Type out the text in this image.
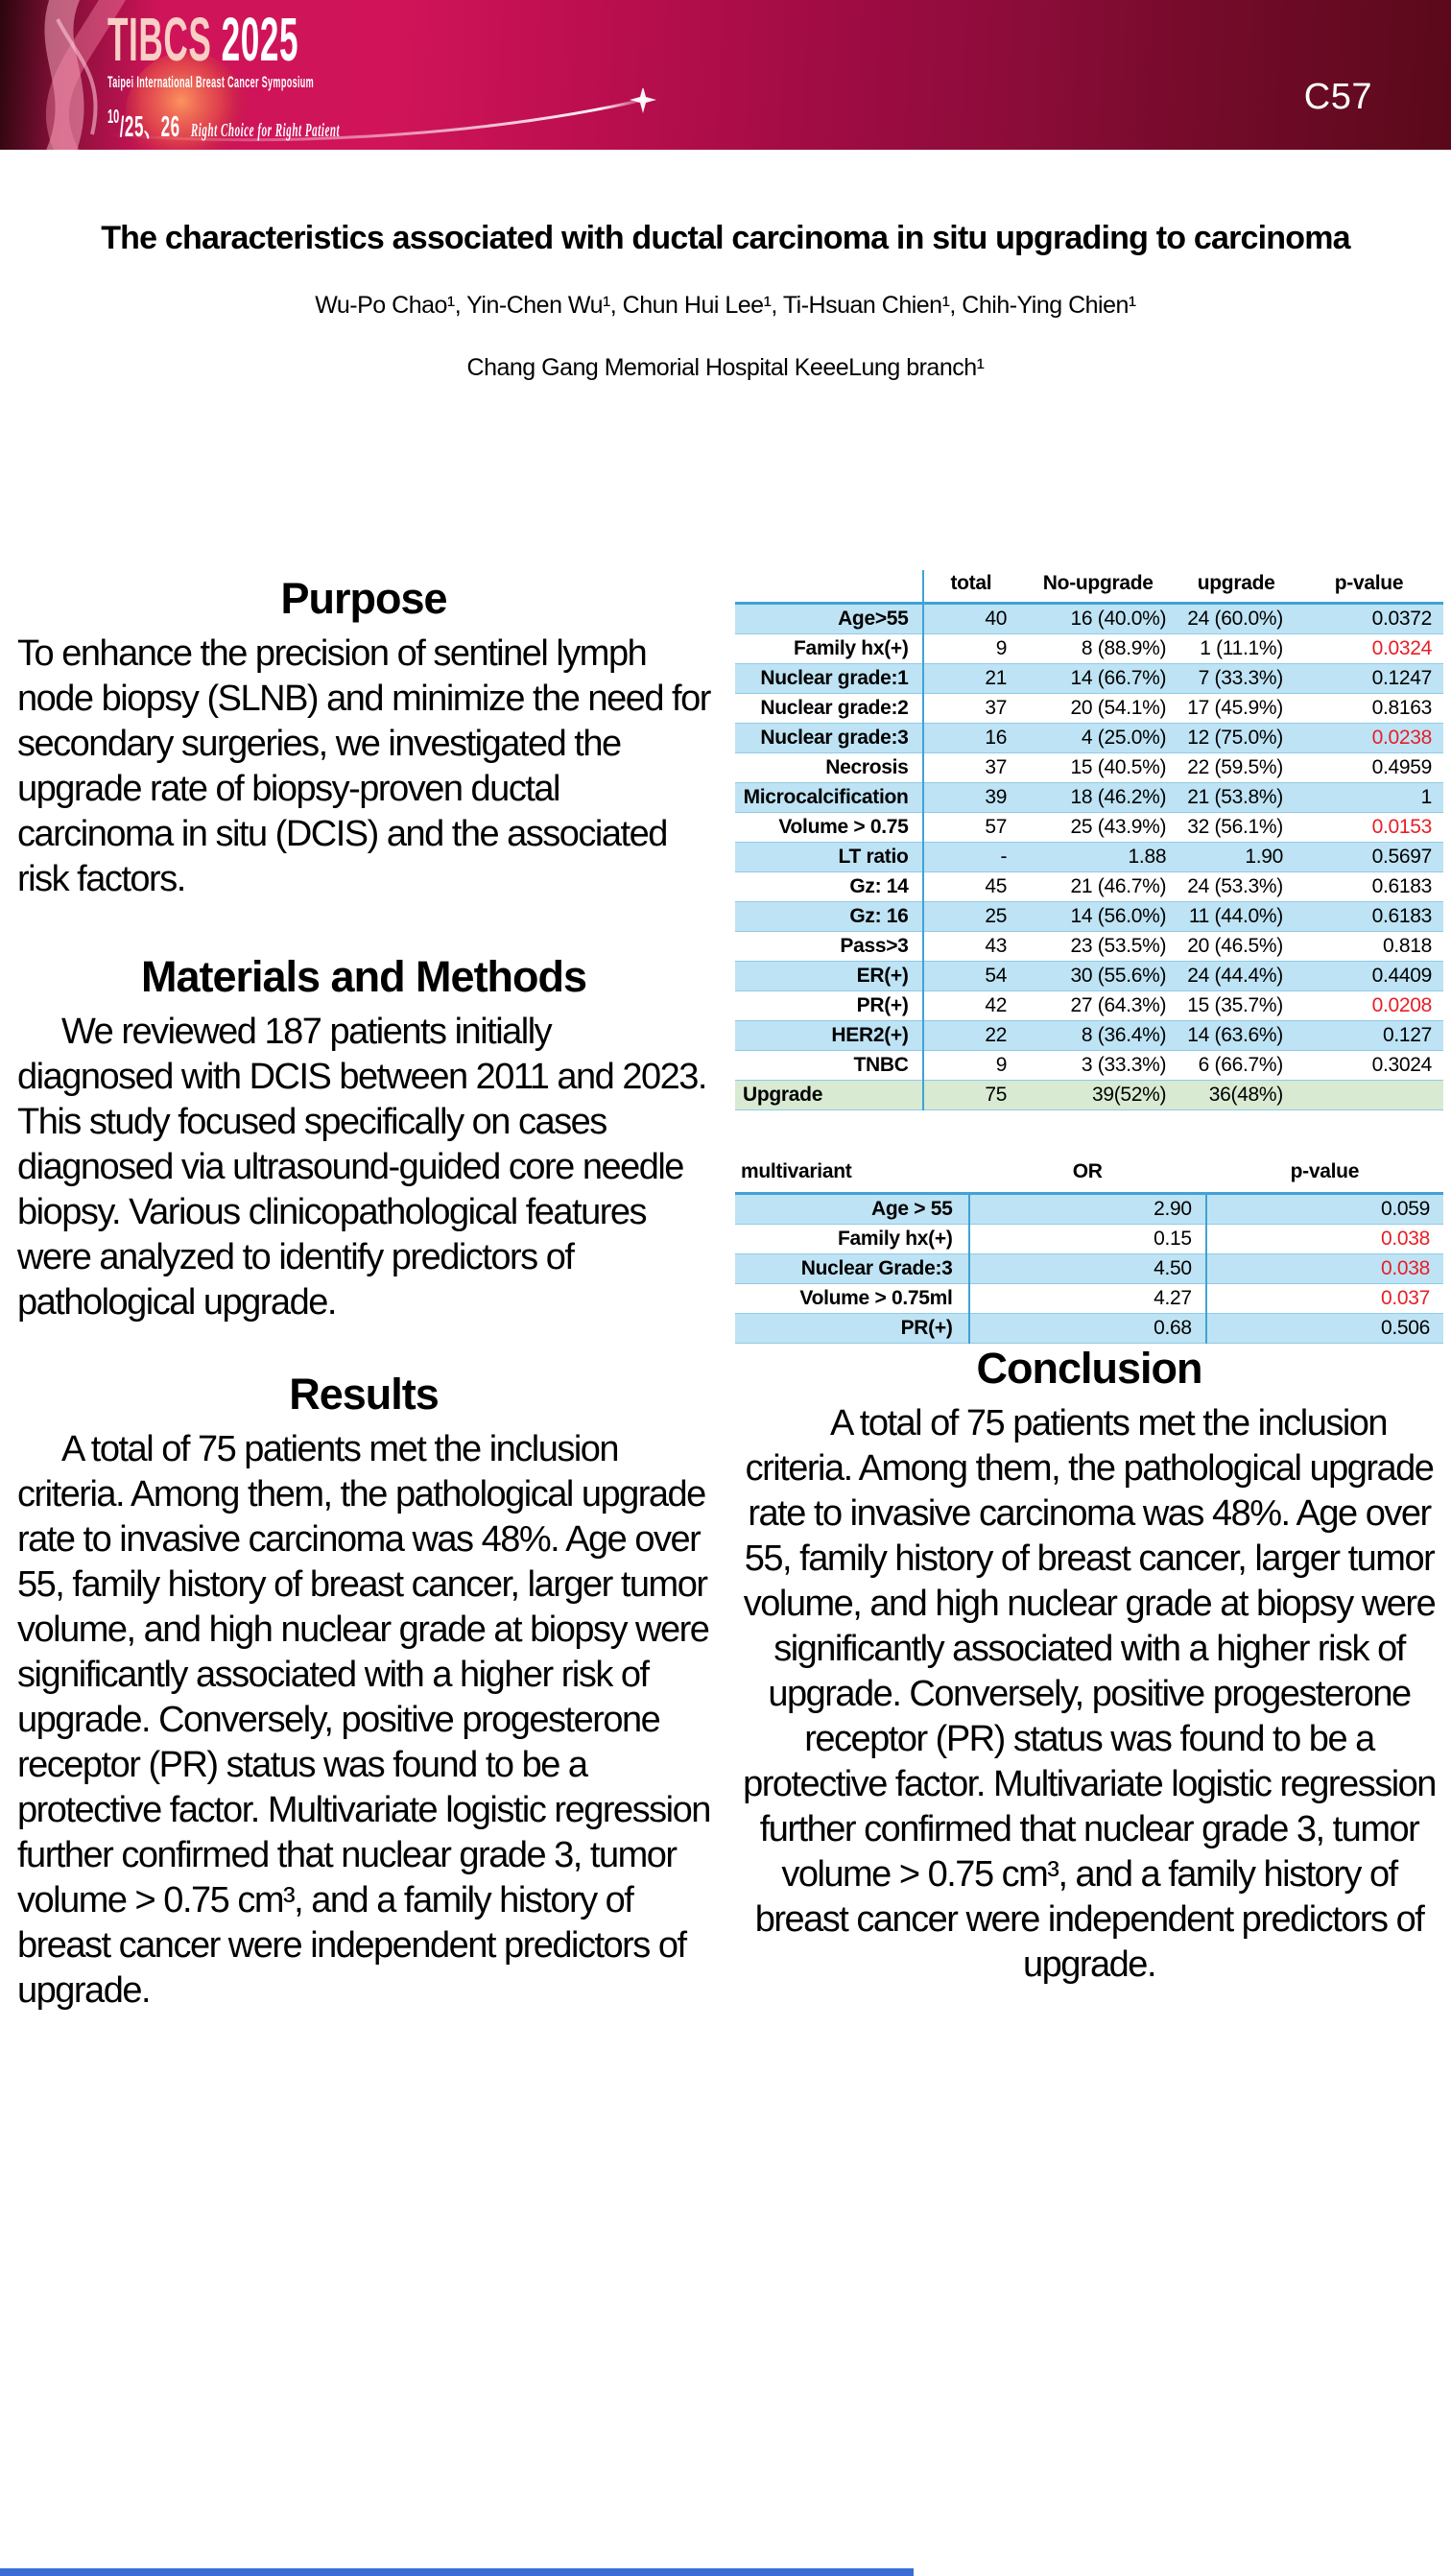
TIBCS 2025
Taipei International Breast Cancer Symposium
10/25、26 Right Choice for Right Patient
C57
The characteristics associated with ductal carcinoma in situ upgrading to carcinoma
Wu-Po Chao¹, Yin-Chen Wu¹, Chun Hui Lee¹, Ti-Hsuan Chien¹, Chih-Ying Chien¹
Chang Gang Memorial Hospital KeeeLung branch¹
Purpose

To enhance the precision of sentinel lymph node biopsy (SLNB) and minimize the need for secondary surgeries, we investigated the upgrade rate of biopsy-proven ductal carcinoma in situ (DCIS) and the associated risk factors.

Materials and Methods

We reviewed 187 patients initially diagnosed with DCIS between 2011 and 2023. This study focused specifically on cases diagnosed via ultrasound-guided core needle biopsy. Various clinicopathological features were analyzed to identify predictors of pathological upgrade.

Results

A total of 75 patients met the inclusion criteria. Among them, the pathological upgrade rate to invasive carcinoma was 48%. Age over 55, family history of breast cancer, larger tumor volume, and high nuclear grade at biopsy were significantly associated with a higher risk of upgrade. Conversely, positive progesterone receptor (PR) status was found to be a protective factor. Multivariate logistic regression further confirmed that nuclear grade 3, tumor volume > 0.75 cm³, and a family history of breast cancer were independent predictors of upgrade.

	total	No-upgrade	upgrade	p-value
Age>55	40	16 (40.0%)	24 (60.0%)	0.0372
Family hx(+)	9	8 (88.9%)	1 (11.1%)	0.0324
Nuclear grade:1	21	14 (66.7%)	7 (33.3%)	0.1247
Nuclear grade:2	37	20 (54.1%)	17 (45.9%)	0.8163
Nuclear grade:3	16	4 (25.0%)	12 (75.0%)	0.0238
Necrosis	37	15 (40.5%)	22 (59.5%)	0.4959
Microcalcification	39	18 (46.2%)	21 (53.8%)	1
Volume > 0.75	57	25 (43.9%)	32 (56.1%)	0.0153
LT ratio	-	1.88	1.90	0.5697
Gz: 14	45	21 (46.7%)	24 (53.3%)	0.6183
Gz: 16	25	14 (56.0%)	11 (44.0%)	0.6183
Pass>3	43	23 (53.5%)	20 (46.5%)	0.818
ER(+)	54	30 (55.6%)	24 (44.4%)	0.4409
PR(+)	42	27 (64.3%)	15 (35.7%)	0.0208
HER2(+)	22	8 (36.4%)	14 (63.6%)	0.127
TNBC	9	3 (33.3%)	6 (66.7%)	0.3024
Upgrade	75	39(52%)	36(48%)	
multivariant	OR	p-value
Age > 55	2.90	0.059
Family hx(+)	0.15	0.038
Nuclear Grade:3	4.50	0.038
Volume > 0.75ml	4.27	0.037
PR(+)	0.68	0.506
Conclusion

A total of 75 patients met the inclusion criteria. Among them, the pathological upgrade rate to invasive carcinoma was 48%. Age over 55, family history of breast cancer, larger tumor volume, and high nuclear grade at biopsy were significantly associated with a higher risk of upgrade. Conversely, positive progesterone receptor (PR) status was found to be a protective factor. Multivariate logistic regression further confirmed that nuclear grade 3, tumor volume > 0.75 cm³, and a family history of breast cancer were independent predictors of upgrade.
